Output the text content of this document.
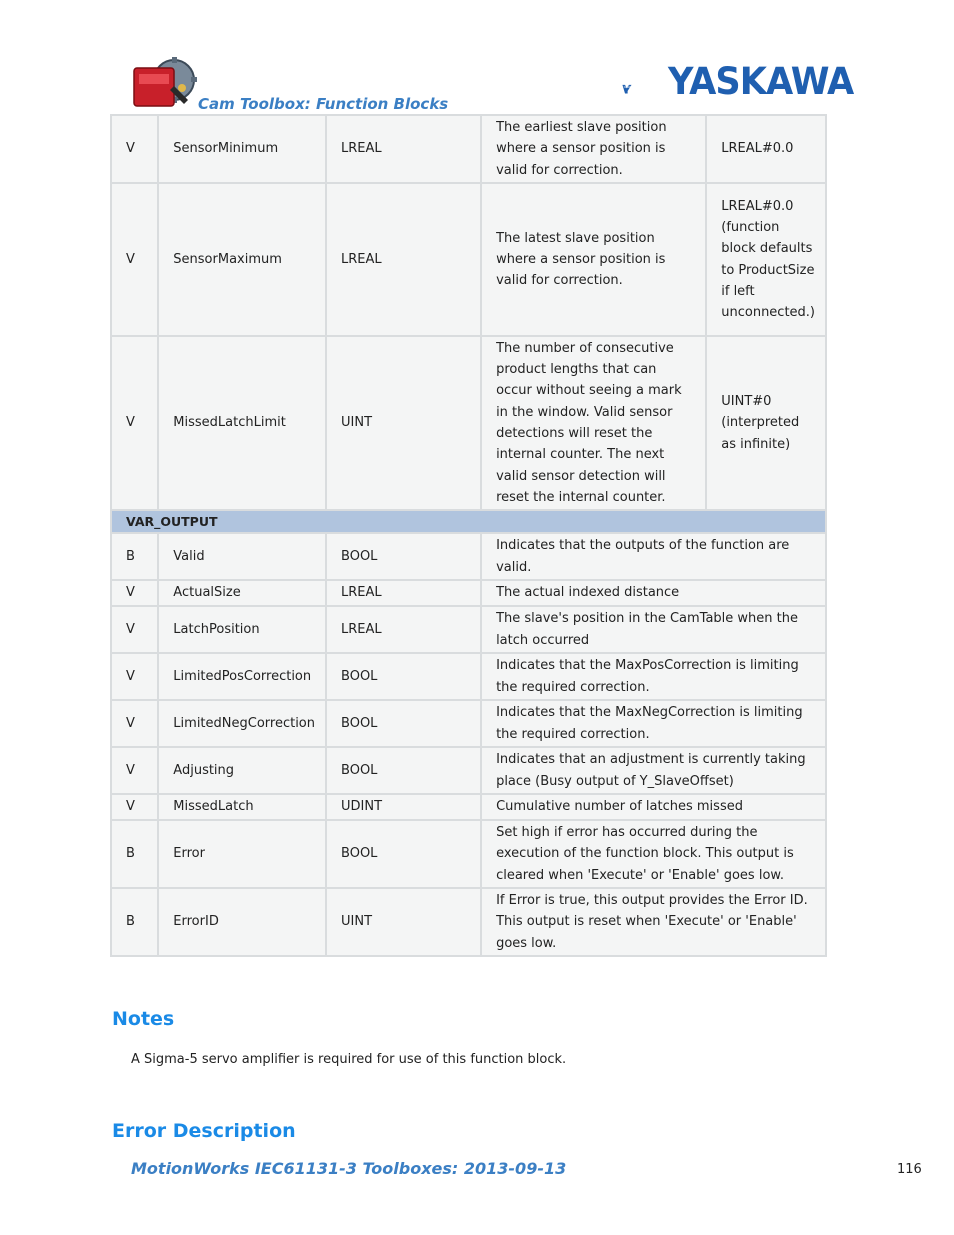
Cam Toolbox: Function Blocks
YASKAWA
V	SensorMinimum	LREAL	The earliest slave position where a sensor position is valid for correction.	LREAL#0.0
V	SensorMaximum	LREAL	The latest slave position where a sensor position is valid for correction.	LREAL#0.0 (function block defaults to ProductSize if left unconnected.)
V	MissedLatchLimit	UINT	The number of consecutive product lengths that can occur without seeing a mark in the window. Valid sensor detections will reset the internal counter. The next valid sensor detection will reset the internal counter.	UINT#0 (interpreted as infinite)
VAR_OUTPUT				
B	Valid	BOOL	Indicates that the outputs of the function are valid.	
V	ActualSize	LREAL	The actual indexed distance	
V	LatchPosition	LREAL	The slave's position in the CamTable when the latch occurred	
V	LimitedPosCorrection	BOOL	Indicates that the MaxPosCorrection is limiting the required correction.	
V	LimitedNegCorrection	BOOL	Indicates that the MaxNegCorrection is limiting the required correction.	
V	Adjusting	BOOL	Indicates that an adjustment is currently taking place (Busy output of Y_SlaveOffset)	
V	MissedLatch	UDINT	Cumulative number of latches missed	
B	Error	BOOL	Set high if error has occurred during the execution of the function block. This output is cleared when 'Execute' or 'Enable' goes low.	
B	ErrorID	UINT	If Error is true, this output provides the Error ID. This output is reset when 'Execute' or 'Enable' goes low.	
Notes
A Sigma-5 servo amplifier is required for use of this function block.
Error Description
MotionWorks IEC61131-3 Toolboxes: 2013-09-13	116
